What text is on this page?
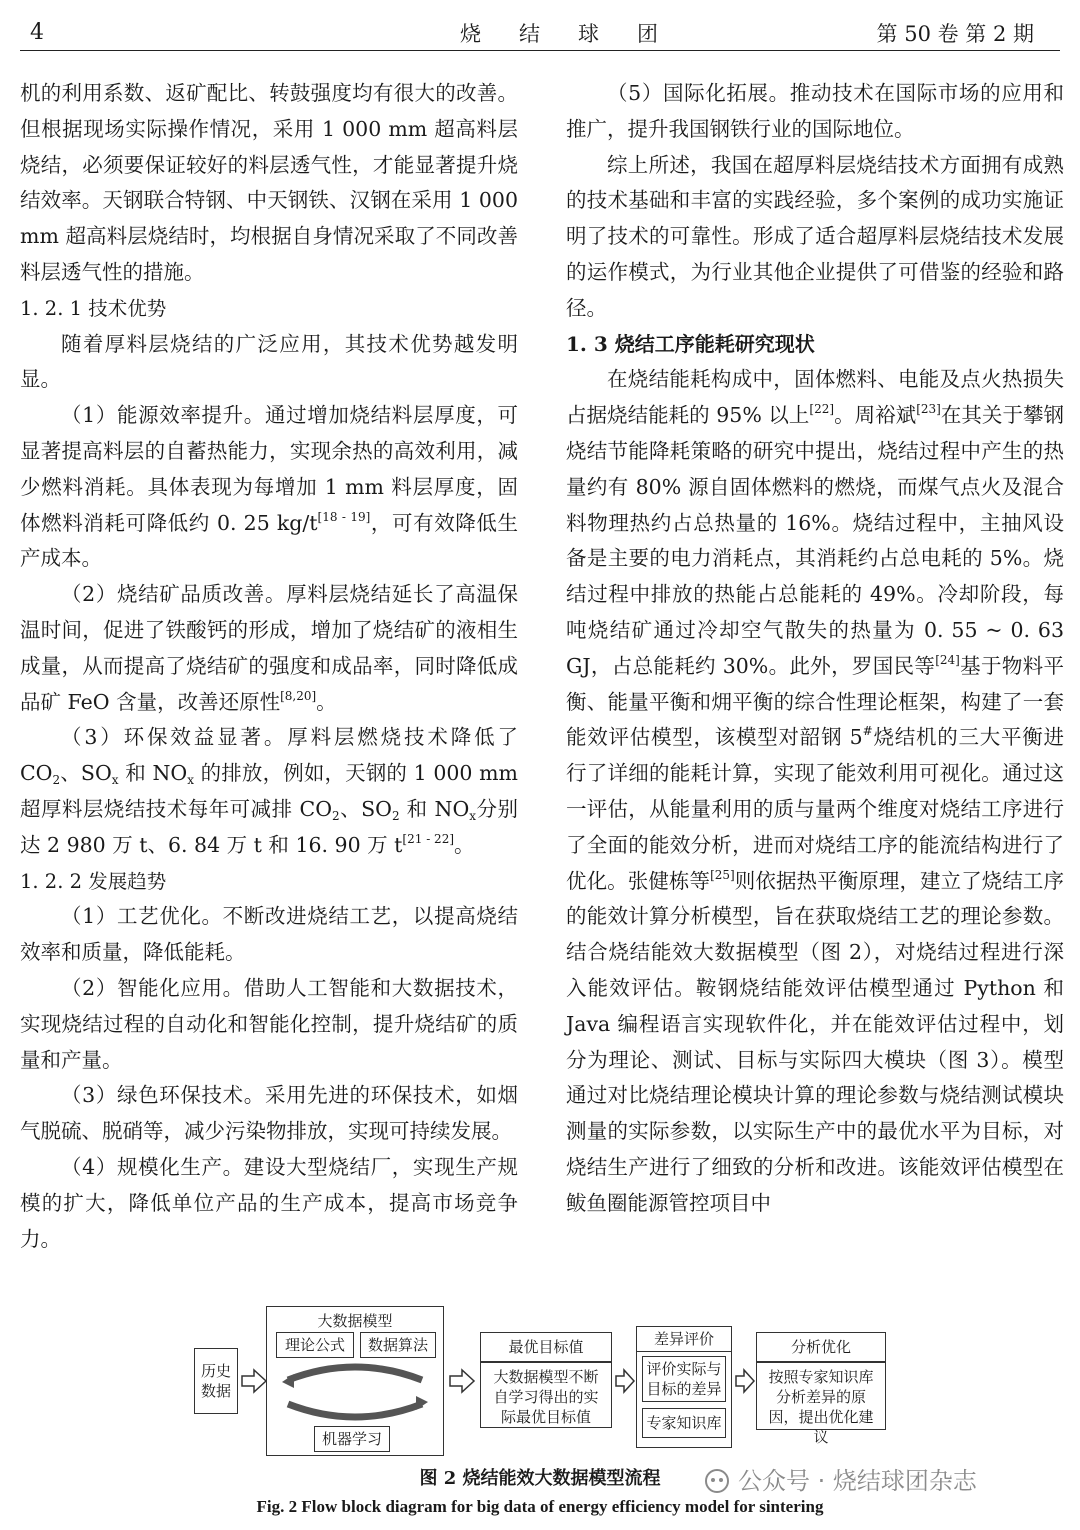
4	烧结球团	第 50 卷 第 2 期

机的利用系数、返矿配比、转鼓强度均有很大的改善。但根据现场实际操作情况，采用 1 000 mm 超高料层烧结，必须要保证较好的料层透气性，才能显著提升烧结效率。天钢联合特钢、中天钢铁、汉钢在采用 1 000 mm 超高料层烧结时，均根据自身情况采取了不同改善料层透气性的措施。

1. 2. 1 技术优势

随着厚料层烧结的广泛应用，其技术优势越发明显。

（1）能源效率提升。通过增加烧结料层厚度，可显著提高料层的自蓄热能力，实现余热的高效利用，减少燃料消耗。具体表现为每增加 1 mm 料层厚度，固体燃料消耗可降低约 0. 25 kg/t[18 - 19]，可有效降低生产成本。

（2）烧结矿品质改善。厚料层烧结延长了高温保温时间，促进了铁酸钙的形成，增加了烧结矿的液相生成量，从而提高了烧结矿的强度和成品率，同时降低成品矿 FeO 含量，改善还原性[8,20]。

（3）环保效益显著。厚料层燃烧技术降低了 $CO_2$、$SO_x$ 和 $NO_x$ 的排放，例如，天钢的 1 000 mm 超厚料层烧结技术每年可减排 $CO_2$、$SO_2$ 和 $NO_x$分别达 2 980 万 t、6. 84 万 t 和 16. 90 万 t[21 - 22]。

1. 2. 2 发展趋势

（1）工艺优化。不断改进烧结工艺，以提高烧结效率和质量，降低能耗。

（2）智能化应用。借助人工智能和大数据技术，实现烧结过程的自动化和智能化控制，提升烧结矿的质量和产量。

（3）绿色环保技术。采用先进的环保技术，如烟气脱硫、脱硝等，减少污染物排放，实现可持续发展。

（4）规模化生产。建设大型烧结厂，实现生产规模的扩大，降低单位产品的生产成本，提高市场竞争力。

（5）国际化拓展。推动技术在国际市场的应用和推广，提升我国钢铁行业的国际地位。

综上所述，我国在超厚料层烧结技术方面拥有成熟的技术基础和丰富的实践经验，多个案例的成功实施证明了技术的可靠性。形成了适合超厚料层烧结技术发展的运作模式，为行业其他企业提供了可借鉴的经验和路径。

1. 3 烧结工序能耗研究现状

在烧结能耗构成中，固体燃料、电能及点火热损失占据烧结能耗的 95% 以上[22]。周裕斌[23]在其关于攀钢烧结节能降耗策略的研究中提出，烧结过程中产生的热量约有 80% 源自固体燃料的燃烧，而煤气点火及混合料物理热约占总热量的 16%。烧结过程中，主抽风设备是主要的电力消耗点，其消耗约占总电耗的 5%。烧结过程中排放的热能占总能耗的 49%。冷却阶段，每吨烧结矿通过冷却空气散失的热量为 0. 55 ~ 0. 63 GJ，占总能耗约 30%。此外，罗国民等[24]基于物料平衡、能量平衡和㶲平衡的综合性理论框架，构建了一套能效评估模型，该模型对韶钢 5#烧结机的三大平衡进行了详细的能耗计算，实现了能效利用可视化。通过这一评估，从能量利用的质与量两个维度对烧结工序进行了全面的能效分析，进而对烧结工序的能流结构进行了优化。张健栋等[25]则依据热平衡原理，建立了烧结工序的能效计算分析模型，旨在获取烧结工艺的理论参数。结合烧结能效大数据模型（图 2），对烧结过程进行深入能效评估。鞍钢烧结能效评估模型通过 Python 和 Java 编程语言实现软件化，并在能效评估过程中，划分为理论、测试、目标与实际四大模块（图 3）。模型通过对比烧结理论模块计算的理论参数与烧结测试模块测量的实际参数，以实际生产中的最优水平为目标，对烧结生产进行了细致的分析和改进。该能效评估模型在鲅鱼圈能源管控项目中

历史数据
大数据模型
理论公式	数据算法
机器学习
最优目标值
大数据模型不断自学习得出的实际最优目标值
差异评价
评价实际与目标的差异
专家知识库
分析优化
按照专家知识库分析差异的原因，提出优化建议
图 2 烧结能效大数据模型流程
Fig. 2 Flow block diagram for big data of energy efficiency model for sintering
公众号 · 烧结球团杂志
